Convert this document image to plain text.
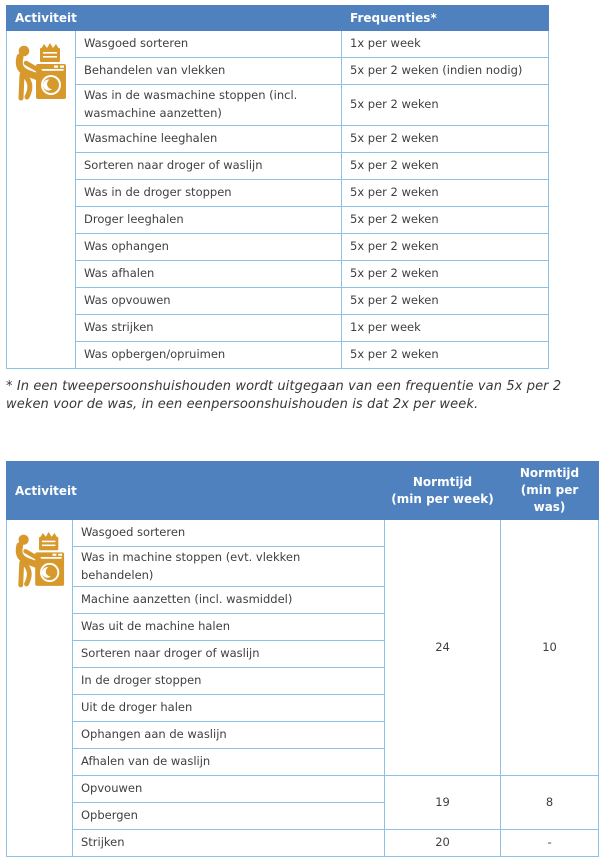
Activiteit		Frequenties*
	Wasgoed sorteren	1x per week
	Behandelen van vlekken	5x per 2 weken (indien nodig)
	Was in de wasmachine stoppen (incl. wasmachine aanzetten)	5x per 2 weken
	Wasmachine leeghalen	5x per 2 weken
	Sorteren naar droger of waslijn	5x per 2 weken
	Was in de droger stoppen	5x per 2 weken
	Droger leeghalen	5x per 2 weken
	Was ophangen	5x per 2 weken
	Was afhalen	5x per 2 weken
	Was opvouwen	5x per 2 weken
	Was strijken	1x per week
	Was opbergen/opruimen	5x per 2 weken
* In een tweepersoonshuishouden wordt uitgegaan van een frequentie van 5x per 2 weken voor de was, in een eenpersoonshuishouden is dat 2x per week.
Activiteit	
Normtijd
(min per week)

Normtijd
(min per was)

	Wasgoed sorteren	24	10
	Was in machine stoppen (evt. vlekken behandelen)		
	Machine aanzetten (incl. wasmiddel)		
	Was uit de machine halen		
	Sorteren naar droger of waslijn		
	In de droger stoppen		
	Uit de droger halen		
	Ophangen aan de waslijn		
	Afhalen van de waslijn		
	Opvouwen	19	8
	Opbergen		
	Strijken	20	-
